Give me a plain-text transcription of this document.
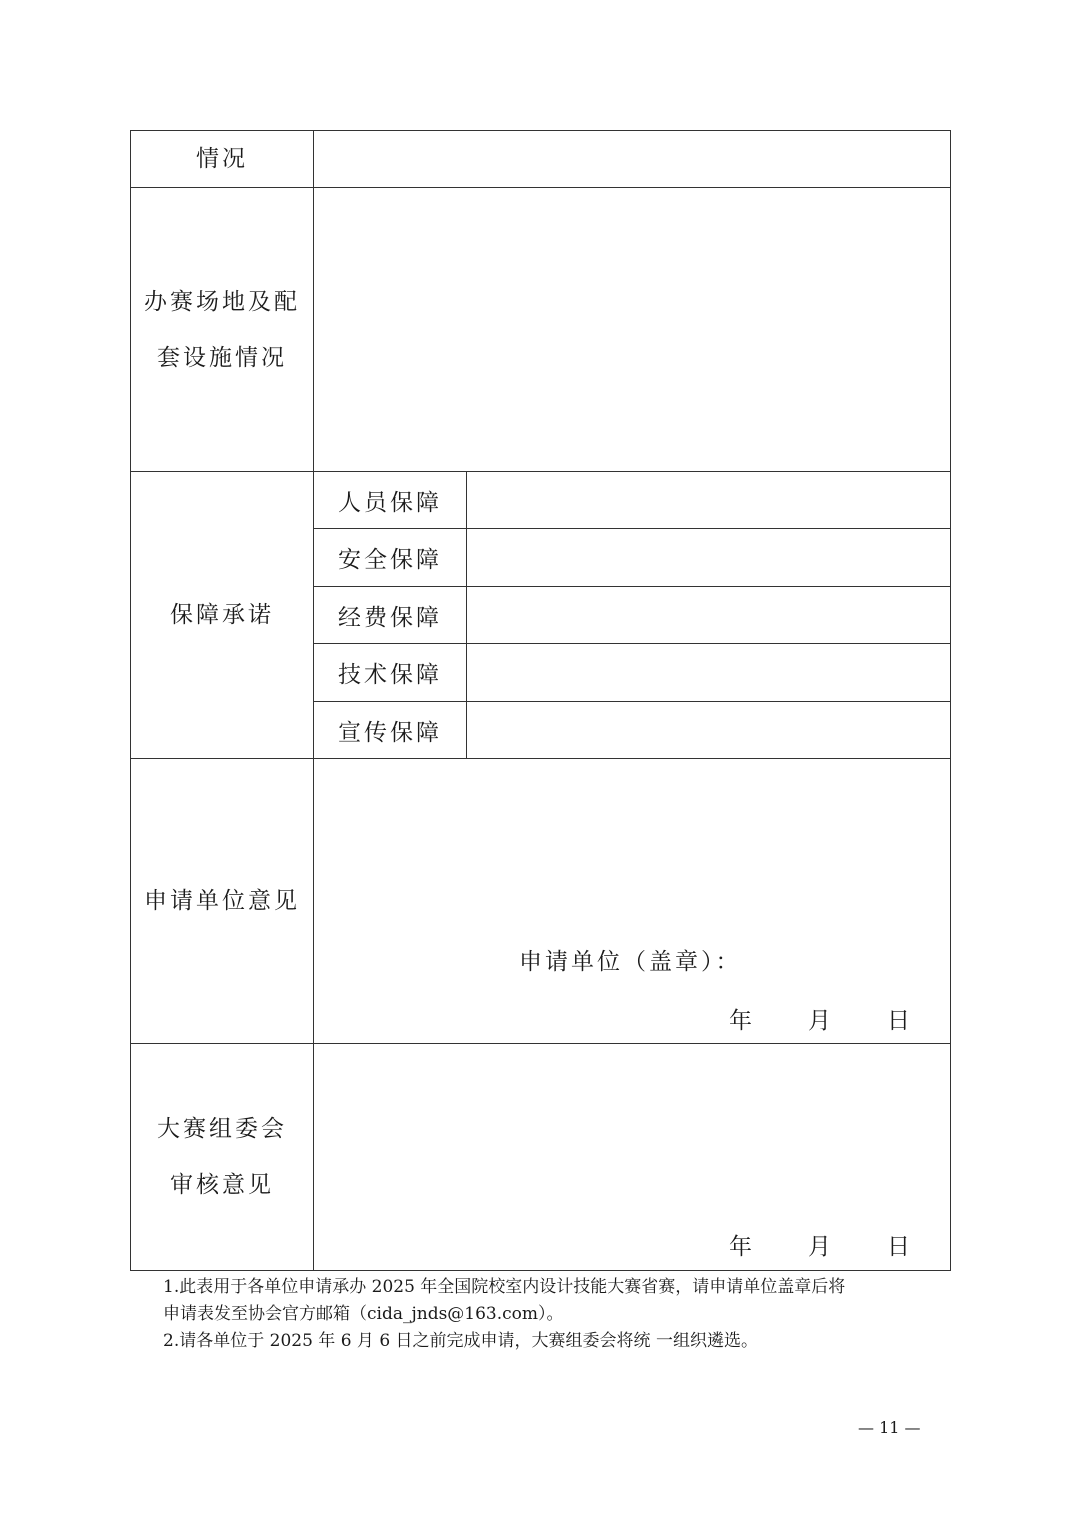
情况		

办赛场地及配
套设施情况		

保障承诺	人员保障	
	安全保障	
	经费保障	
	技术保障	
	宣传保障	
申请单位意见	申请单位（盖章）：
年 月 日	

大赛组委会
审核意见	年 月 日	

1.此表用于各单位申请承办 2025 年全国院校室内设计技能大赛省赛，请申请单位盖章后将

申请表发至协会官方邮箱（cida_jnds@163.com）。

2.请各单位于 2025 年 6 月 6 日之前完成申请，大赛组委会将统 一组织遴选。

— 11 —
